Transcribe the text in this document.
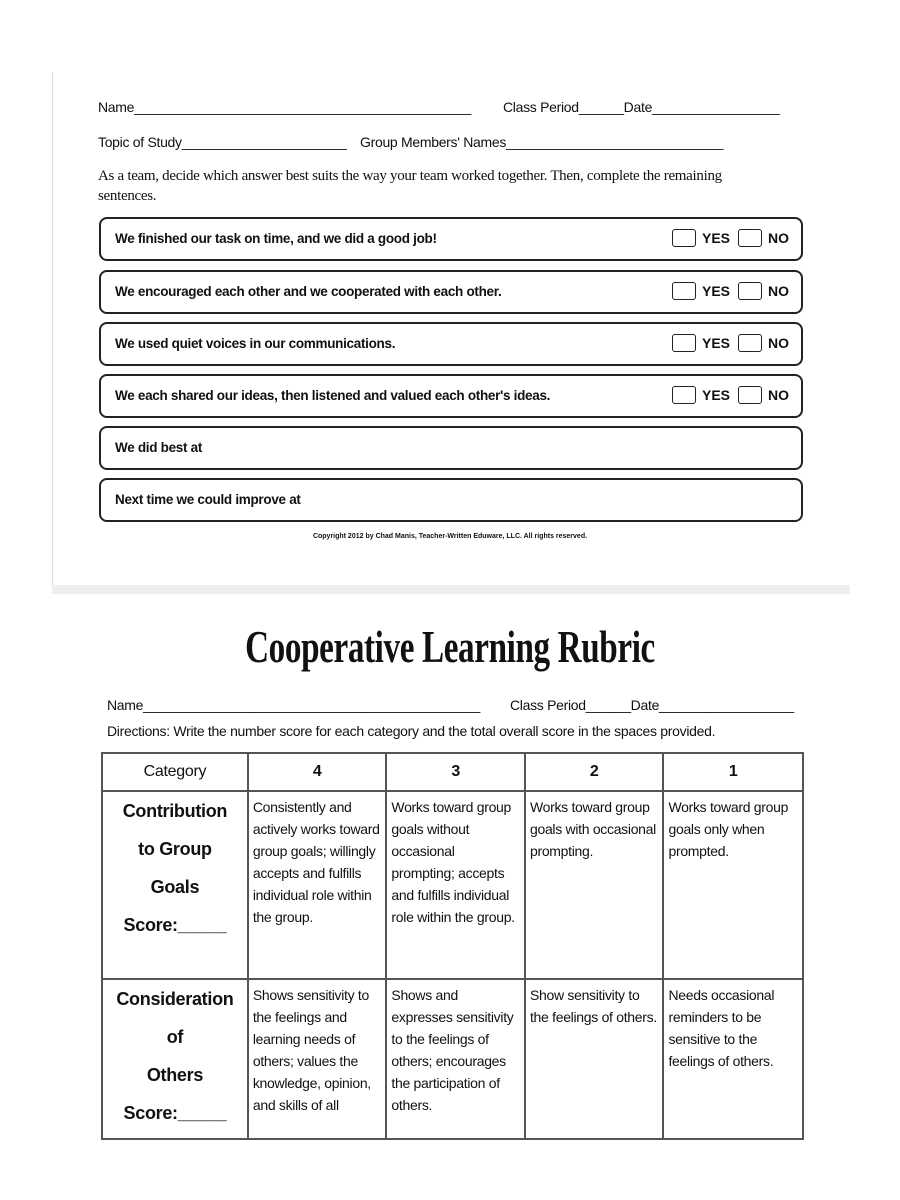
Name_____________________________________________ Class Period______Date_________________
Topic of Study______________________ Group Members' Names_____________________________
As a team, decide which answer best suits the way your team worked together. Then, complete the remaining
sentences.
We finished our task on time, and we did a good job!	YES	NO
We encouraged each other and we cooperated with each other.	YES	NO
We used quiet voices in our communications.	YES	NO
We each shared our ideas, then listened and valued each other's ideas.	YES	NO
We did best at
Next time we could improve at
Copyright 2012 by Chad Manis, Teacher-Written Eduware, LLC. All rights reserved.
Cooperative Learning Rubric
Name_____________________________________________ Class Period______Date__________________
Directions: Write the number score for each category and the total overall score in the spaces provided.
Category	4	3	2	1

Contribution
to Group
Goals
Score:_____	Consistently and actively works toward group goals; willingly accepts and fulfills individual role within the group.	Works toward group goals without occasional prompting; accepts and fulfills individual role within the group.	Works toward group goals with occasional prompting.	Works toward group goals only when prompted.

Consideration
of
Others
Score:_____	Shows sensitivity to the feelings and learning needs of others; values the knowledge, opinion, and skills of all	Shows and expresses sensitivity to the feelings of others; encourages the participation of others.	Show sensitivity to the feelings of others.	Needs occasional reminders to be sensitive to the feelings of others.
